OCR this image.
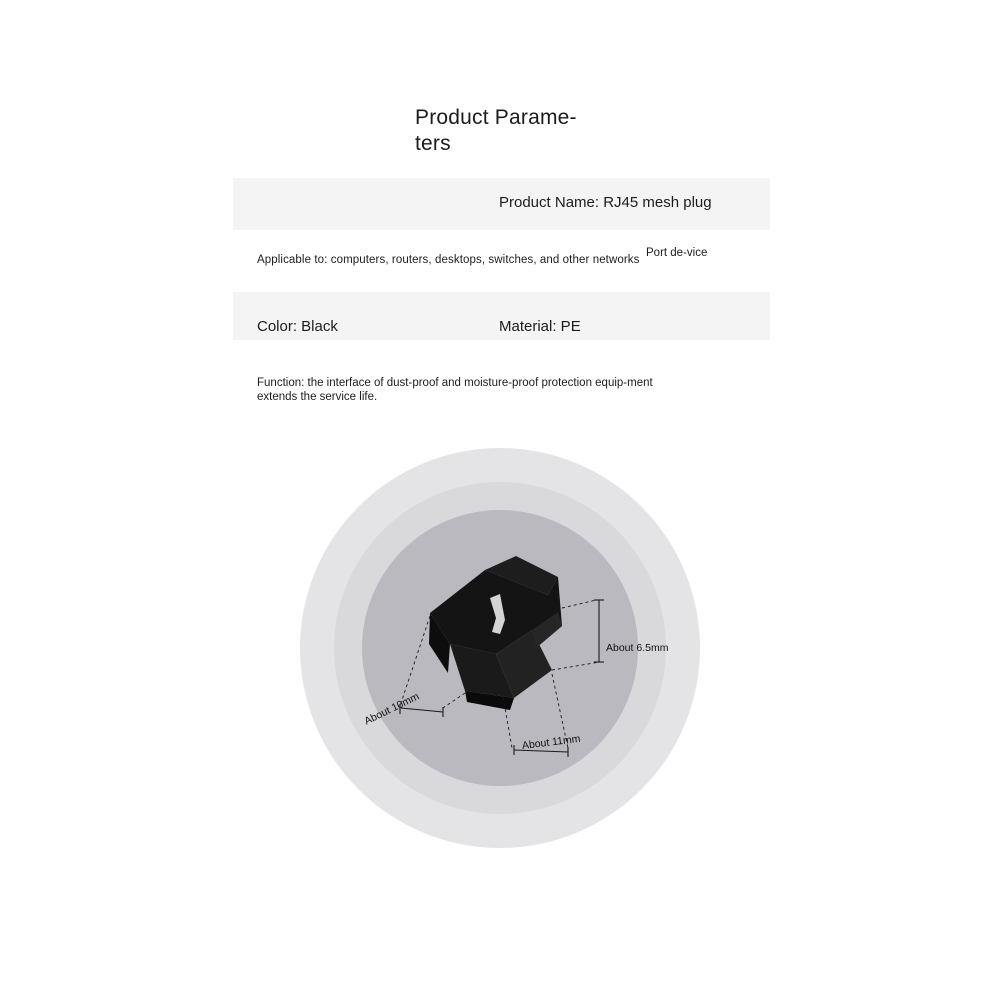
Product Parame-
ters
Product Name: RJ45 mesh plug
Applicable to: computers, routers, desktops, switches, and other networks
Port de-vice
Color: Black	Material: PE
Function: the interface of dust-proof and moisture-proof protection equip-ment extends the service life.
About 6.5mm
About 10mm
About 11mm
